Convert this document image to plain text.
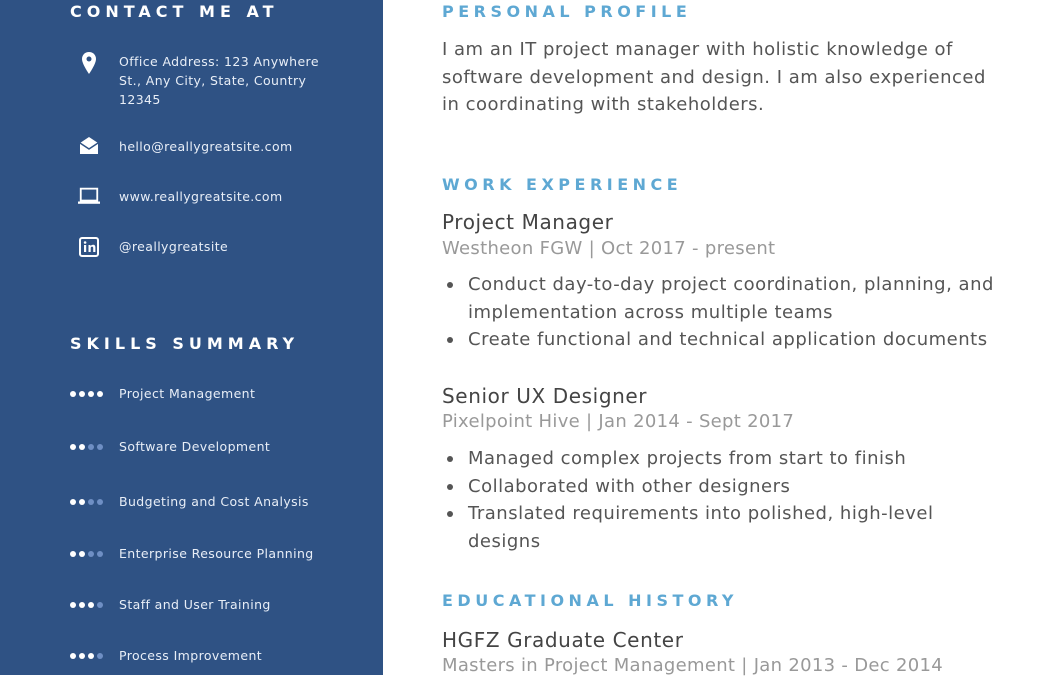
CONTACT ME AT
Office Address: 123 Anywhere St., Any City, State, Country 12345
hello@reallygreatsite.com
www.reallygreatsite.com
@reallygreatsite
SKILLS SUMMARY
Project Management
Software Development
Budgeting and Cost Analysis
Enterprise Resource Planning
Staff and User Training
Process Improvement
PERSONAL PROFILE
I am an IT project manager with holistic knowledge of software development and design. I am also experienced in coordinating with stakeholders.
WORK EXPERIENCE
Project Manager
Westheon FGW | Oct 2017 - present
Conduct day-to-day project coordination, planning, and implementation across multiple teams
Create functional and technical application documents
Senior UX Designer
Pixelpoint Hive | Jan 2014 - Sept 2017
Managed complex projects from start to finish
Collaborated with other designers
Translated requirements into polished, high-level designs
EDUCATIONAL HISTORY
HGFZ Graduate Center
Masters in Project Management | Jan 2013 - Dec 2014
